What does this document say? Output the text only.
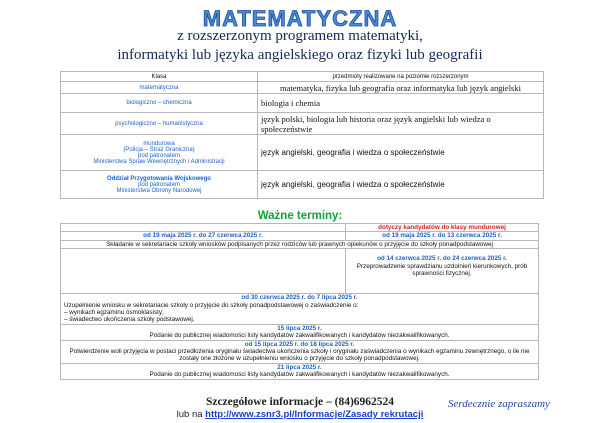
MATEMATYCZNA
z rozszerzonym programem matematyki,
informatyki lub języka angielskiego oraz fizyki lub geografii
Klasa	przedmioty realizowane na poziomie rozszerzonym
matematyczna	matematyka, fizyka lub geografia oraz informatyka lub język angielski
biologiczno – chemiczna	biologia i chemia
psychologiczno – humanistyczna	język polski, biologia lub historia oraz język angielski lub wiedza o społeczeństwie

mundurowa
(Policja – Straż Graniczna)
pod patronatem
Ministerstwa Spraw Wewnętrznych i Administracji	język angielski, geografia i wiedza o społeczeństwie

Oddział Przygotowania Wojskowego
pod patronatem
Ministerstwa Obrony Narodowej	język angielski, geografia i wiedza o społeczeństwie
Ważne terminy:
	dotyczy kandydatów do klasy mundurowej
od 19 maja 2025 r. do 27 czerwca 2025 r.	od 19 maja 2025 r. do 13 czerwca 2025 r.
Składanie w sekretariacie szkoły wniosków podpisanych przez rodziców lub prawnych opiekunów o przyjęcie do szkoły ponadpodstawowej	

	od 14 czerwca 2025 r. do 24 czerwca 2025 r.
Przeprowadzenie sprawdzianu uzdolnień kierunkowych, prób sprawności fizycznej.

od 30 czerwca 2025 r. do 7 lipca 2025 r.
Uzupełnienie wniosku w sekretariacie szkoły o przyjęcie do szkoły ponadpodstawowej o zaświadczenie o:
– wynikach egzaminu ósmoklasisty;
– świadectwo ukończenia szkoły podstawowej.	

15 lipca 2025 r.
Podanie do publicznej wiadomości listy kandydatów zakwalifikowanych i kandydatów niezakwalifikowanych.	

od 15 lipca 2025 r. do 18 lipca 2025 r.
Potwierdzenie woli przyjęcia w postaci przedłożenia oryginału świadectwa ukończenia szkoły i oryginału zaświadczenia o wynikach egzaminu zewnętrznego, o ile nie zostały one złożone w uzupełnieniu wniosku o przyjęcie do szkoły ponadpodstawowej.	

21 lipca 2025 r.
Podanie do publicznej wiadomości listy kandydatów zakwalifikowanych i kandydatów niezakwalifikowanych.	
Szczegółowe informacje – (84)6962524
lub na http://www.zsnr3.pl/Informacje/Zasady rekrutacji
Serdecznie zapraszamy
